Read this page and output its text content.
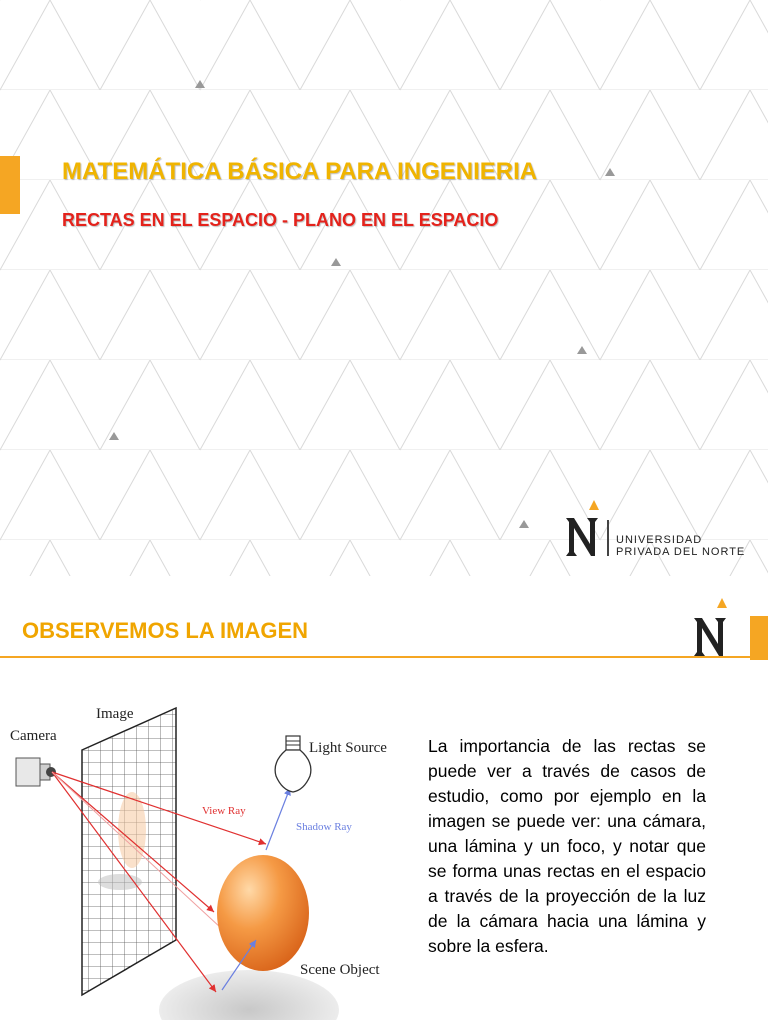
MATEMÁTICA BÁSICA PARA INGENIERIA
RECTAS EN EL ESPACIO - PLANO EN EL ESPACIO
UNIVERSIDAD
PRIVADA DEL NORTE
OBSERVEMOS LA IMAGEN
Image
Camera
Light Source
View Ray
Shadow Ray
Scene Object

La importancia de las rectas se puede ver a través de casos de estudio, como por ejemplo en la imagen se puede ver: una cámara, una lámina y un foco, y notar que se forma unas rectas en el espacio a través de la proyección de la luz de la cámara hacia una lámina y sobre la esfera.
